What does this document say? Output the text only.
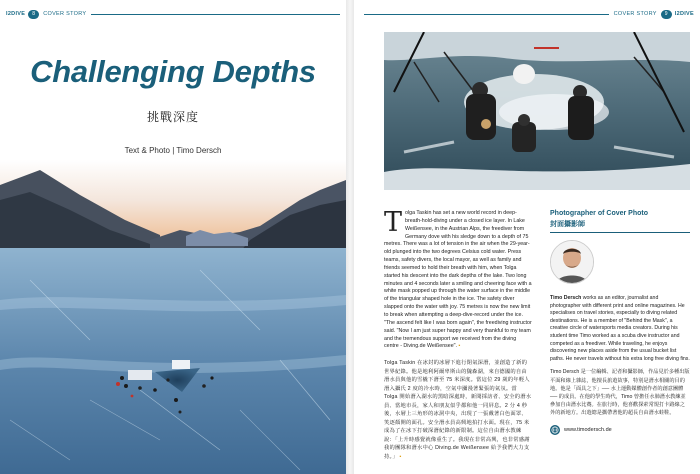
I2DIVE	8	COVER STORY
Challenging Depths
挑戰深度
Text & Photo | Timo Dersch
COVER STORY	9	I2DIVE

Tolga Taskin has set a new world record in deep-breath-hold-diving under a closed ice layer. In Lake Weißensee, in the Austrian Alps, the freediver from Germany dove with his sledge down to a depth of 75 metres. There was a lot of tension in the air when the 29-year-old plunged into the two degrees Celsius cold water. Press teams, safety divers, the local mayor, as well as family and friends seemed to hold their breath with him, when Tolga started his descent into the dark depths of the lake. Two long minutes and 4 seconds later a smiling and cheering face with a white mask popped up through the water surface in the middle of the triangular shaped hole in the ice. The safety diver slapped onto the water with joy. 75 metres is now the new limit to break when attempting a deep-dive-record under the ice. "The ascend felt like I was born again", the freediving instructor said. "Now I am just super happy and very thankful to my team and the tremendous support we received from the diving centre - Diving.de Weißensee". ▪

Tolga Taskin 在冰封的冰層下進行閉氣深潛，並創造了新的世界紀錄。他是地利阿爾卑斯山的魏森湖，來自德國的自由潛水員與他的雪橇下潛至 75 米深度。當這位 29 歲的年輕人潛入攝氏 2 度的冷水時，空氣中瀰漫著緊張的氣氛。當 Tolga 開始潛入湖水的黑暗深處時，新聞採訪者、安全的潛水員、當地市長，家人和朋友似乎都和他一同屏息。2 分 4 秒後，水層上三角形的冰洞中央，出現了一張戴著白色面罩、笑逐顏開的面孔。安全潛水員高興地拍打水面。現在，75 米成為了在冰下打破深潛紀錄的新限制。這位自由潛水教練說：「上升時感覺就像重生了。我現在非常高興，也非常感謝我的團隊和潛水中心 Diving.de Weißensee 給予我們大力支持。」 ▪

Photographer of Cover Photo
封面攝影師

Timo Dersch works as an editor, journalist and photographer with different print and online magazines. He specialises on travel stories, especially to diving related destinations. He is a member of "Behind the Mask", a creative circle of watersports media creators. During his student time Timo worked as a scuba dive instructor and competed as a freediver. While traveling, he enjoys discovering new places aside from the usual bucket list paths. He never travels without his extra long free diving fins.

Timo Dersch 是一位編輯、記者和攝影師，作品見於多種出版平面和線上雜誌，他擅長旅遊故事，特別是潛水相關的目的地。他是「面具之下」── 水上運動媒體創作者的創意團體 ── 的成員。在他的學生時代，Timo 曾擔任水肺潛水教練並參加自由潛水比賽。在旅行時，他喜歡探索常規打卡路線之外的新地方。出遊總是攜帶著他的超長自由潛水蛙鞋。

www.timodersch.de
